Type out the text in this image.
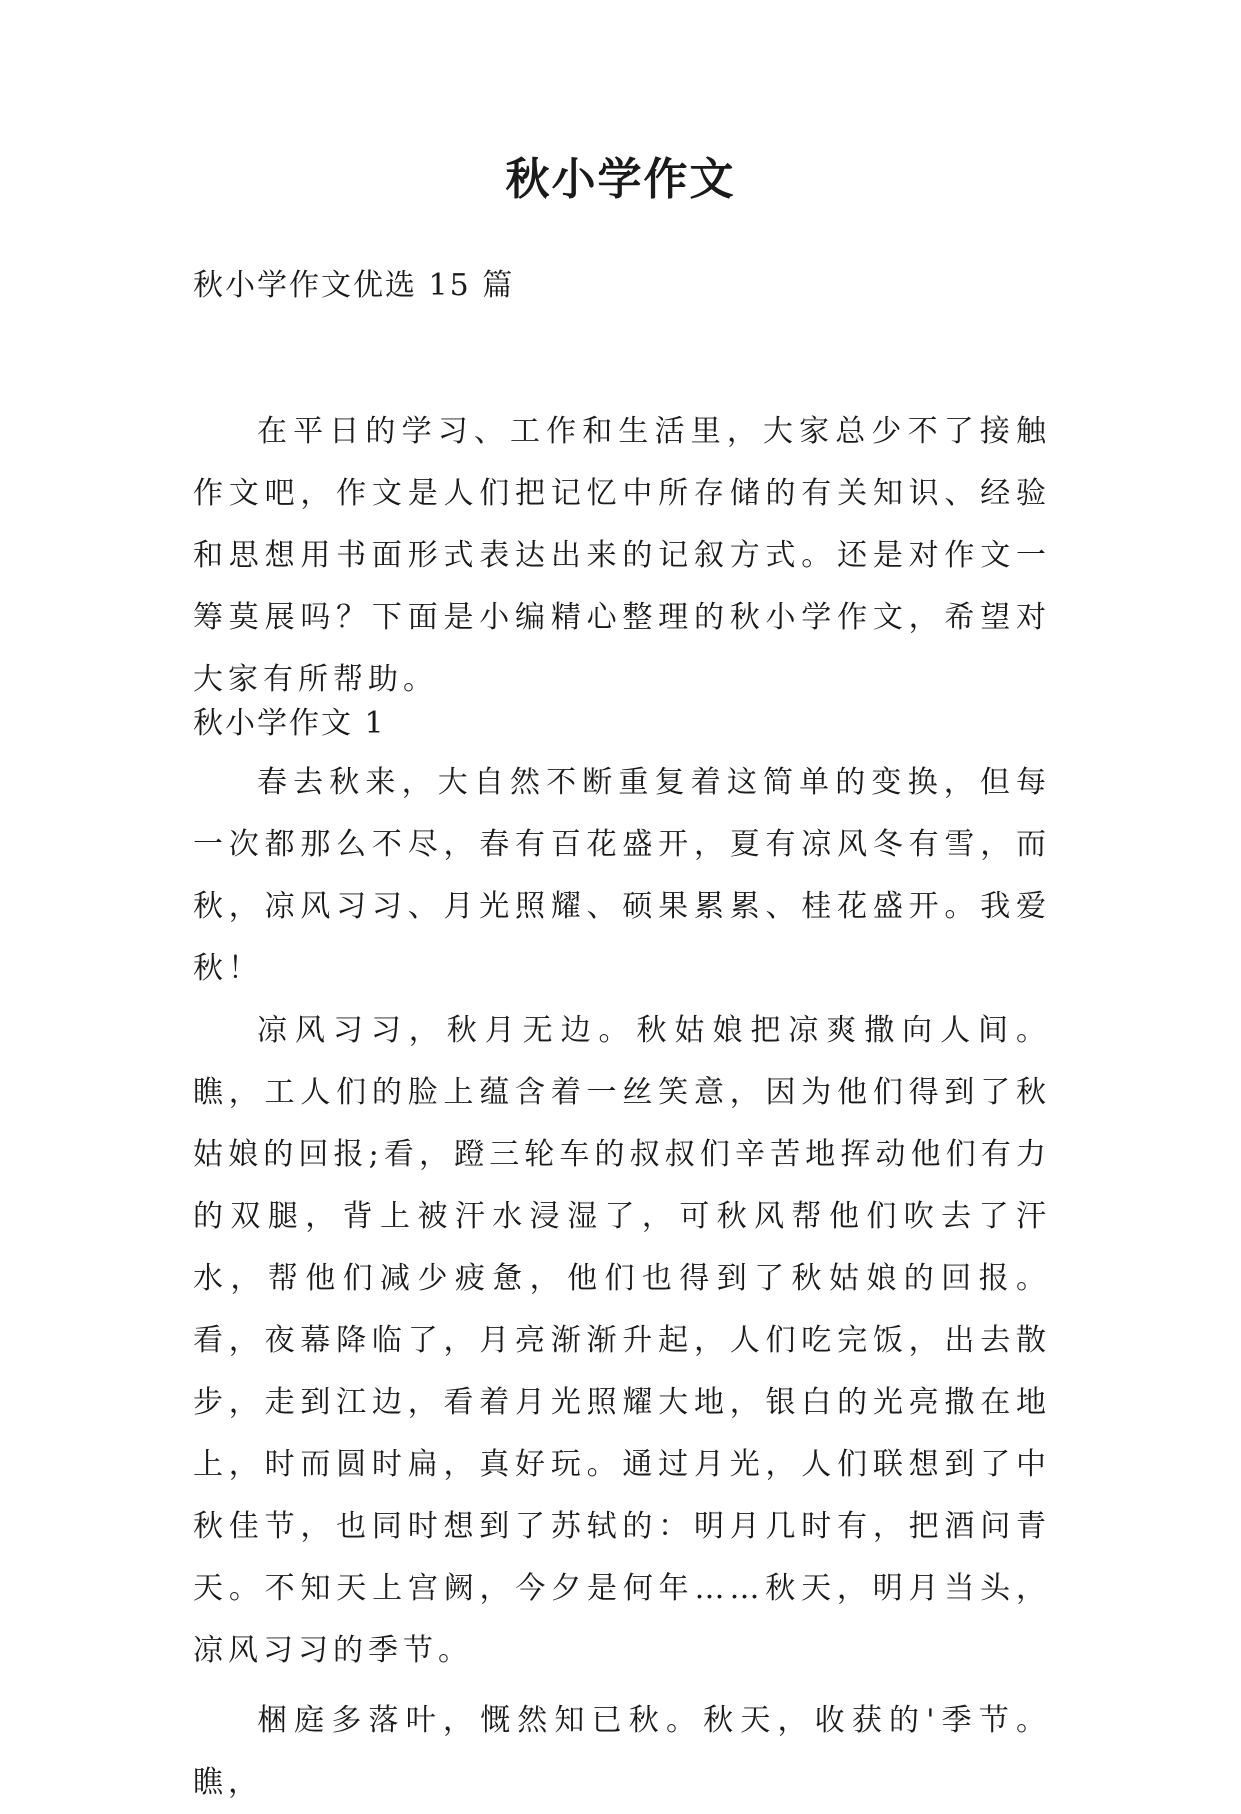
秋小学作文
秋小学作文优选 15 篇

在平日的学习、工作和生活里，大家总少不了接触作文吧，作文是人们把记忆中所存储的有关知识、经验和思想用书面形式表达出来的记叙方式。还是对作文一筹莫展吗？下面是小编精心整理的秋小学作文，希望对大家有所帮助。

秋小学作文 1

春去秋来，大自然不断重复着这简单的变换，但每一次都那么不尽，春有百花盛开，夏有凉风冬有雪，而秋，凉风习习、月光照耀、硕果累累、桂花盛开。我爱秋！

凉风习习，秋月无边。秋姑娘把凉爽撒向人间。瞧，工人们的脸上蕴含着一丝笑意，因为他们得到了秋姑娘的回报;看，蹬三轮车的叔叔们辛苦地挥动他们有力的双腿，背上被汗水浸湿了，可秋风帮他们吹去了汗水，帮他们减少疲惫，他们也得到了秋姑娘的回报。看，夜幕降临了，月亮渐渐升起，人们吃完饭，出去散步，走到江边，看着月光照耀大地，银白的光亮撒在地上，时而圆时扁，真好玩。通过月光，人们联想到了中秋佳节，也同时想到了苏轼的：明月几时有，把酒问青天。不知天上宫阙，今夕是何年……秋天，明月当头，凉风习习的季节。

梱庭多落叶，慨然知已秋。秋天，收获的'季节。瞧，
